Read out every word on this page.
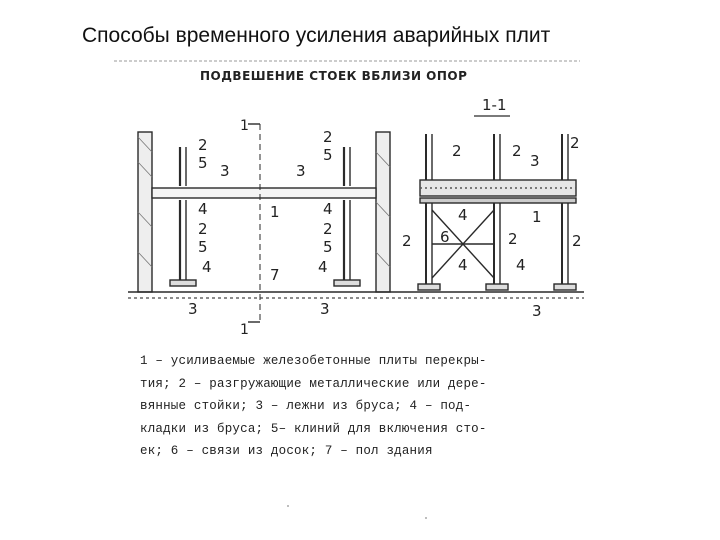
Способы временного усиления аварийных плит
ПОДВЕШЕНИЕ СТОЕК ВБЛИЗИ ОПОР
1
1
2
5 3
2
5
3
1
4
2
5
4
4
2
5
4
7
3	3
1-1
2	2
3
2
4	1
6
2	2	2
4	4
3
1 – усиливаемые железобетонные плиты перекры-
тия; 2 – разгружающие металлические или дере-
вянные стойки; 3 – лежни из бруса; 4 – под-
кладки из бруса; 5– клиний для включения сто-
ек; 6 – связи из досок; 7 – пол здания
